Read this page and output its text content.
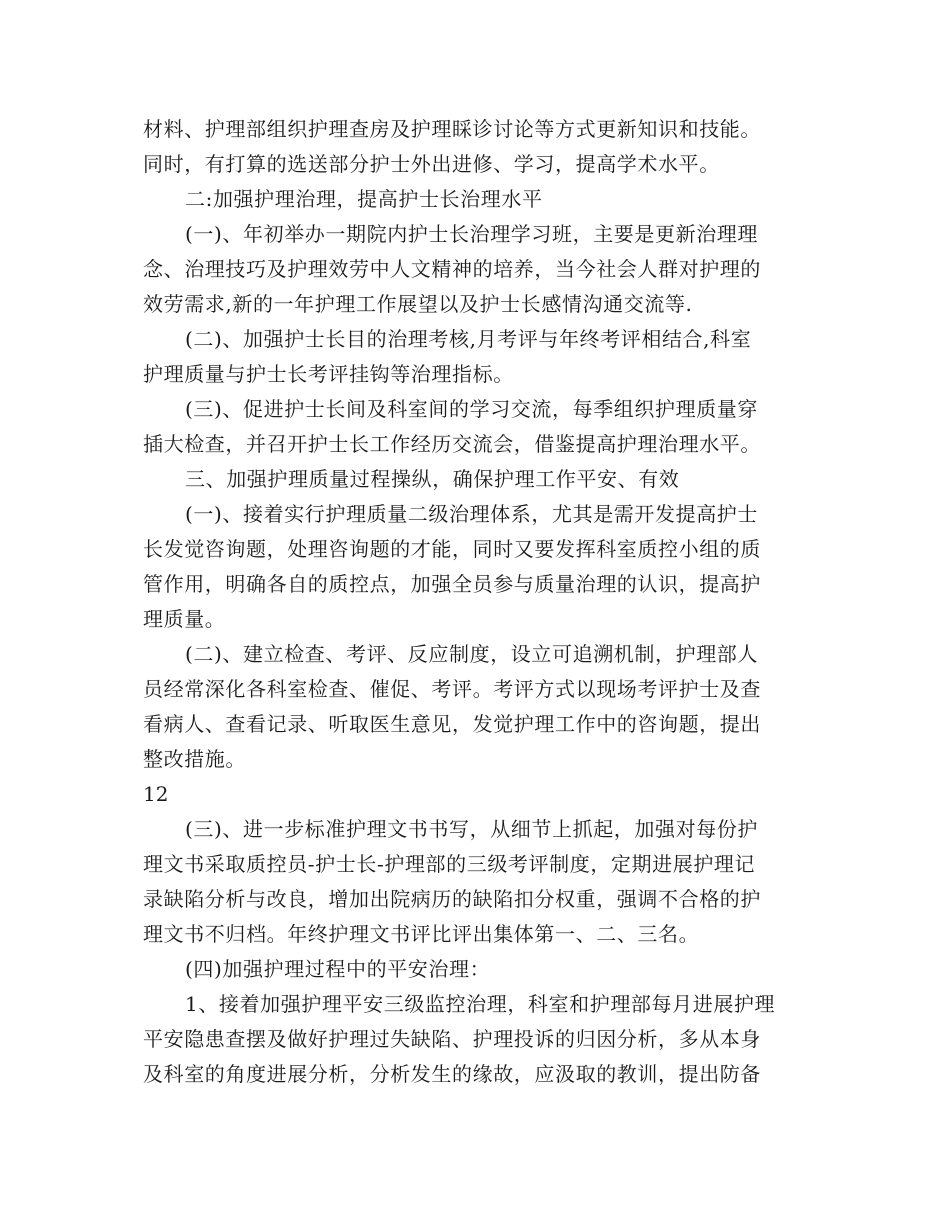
材料、护理部组织护理查房及护理睬诊讨论等方式更新知识和技能。
同时，有打算的选送部分护士外出进修、学习，提高学术水平。
二:加强护理治理，提高护士长治理水平
(一)、年初举办一期院内护士长治理学习班，主要是更新治理理
念、治理技巧及护理效劳中人文精神的培养，当今社会人群对护理的
效劳需求,新的一年护理工作展望以及护士长感情沟通交流等.
(二)、加强护士长目的治理考核,月考评与年终考评相结合,科室
护理质量与护士长考评挂钩等治理指标。
(三)、促进护士长间及科室间的学习交流，每季组织护理质量穿
插大检查，并召开护士长工作经历交流会，借鉴提高护理治理水平。
三、加强护理质量过程操纵，确保护理工作平安、有效
(一)、接着实行护理质量二级治理体系，尤其是需开发提高护士
长发觉咨询题，处理咨询题的才能，同时又要发挥科室质控小组的质
管作用，明确各自的质控点，加强全员参与质量治理的认识，提高护
理质量。
(二)、建立检查、考评、反应制度，设立可追溯机制，护理部人
员经常深化各科室检查、催促、考评。考评方式以现场考评护士及查
看病人、查看记录、听取医生意见，发觉护理工作中的咨询题，提出
整改措施。
12
(三)、进一步标准护理文书书写，从细节上抓起，加强对每份护
理文书采取质控员-护士长-护理部的三级考评制度，定期进展护理记
录缺陷分析与改良，增加出院病历的缺陷扣分权重，强调不合格的护
理文书不归档。年终护理文书评比评出集体第一、二、三名。
(四)加强护理过程中的平安治理：
1、接着加强护理平安三级监控治理，科室和护理部每月进展护理
平安隐患查摆及做好护理过失缺陷、护理投诉的归因分析，多从本身
及科室的角度进展分析，分析发生的缘故，应汲取的教训，提出防备
